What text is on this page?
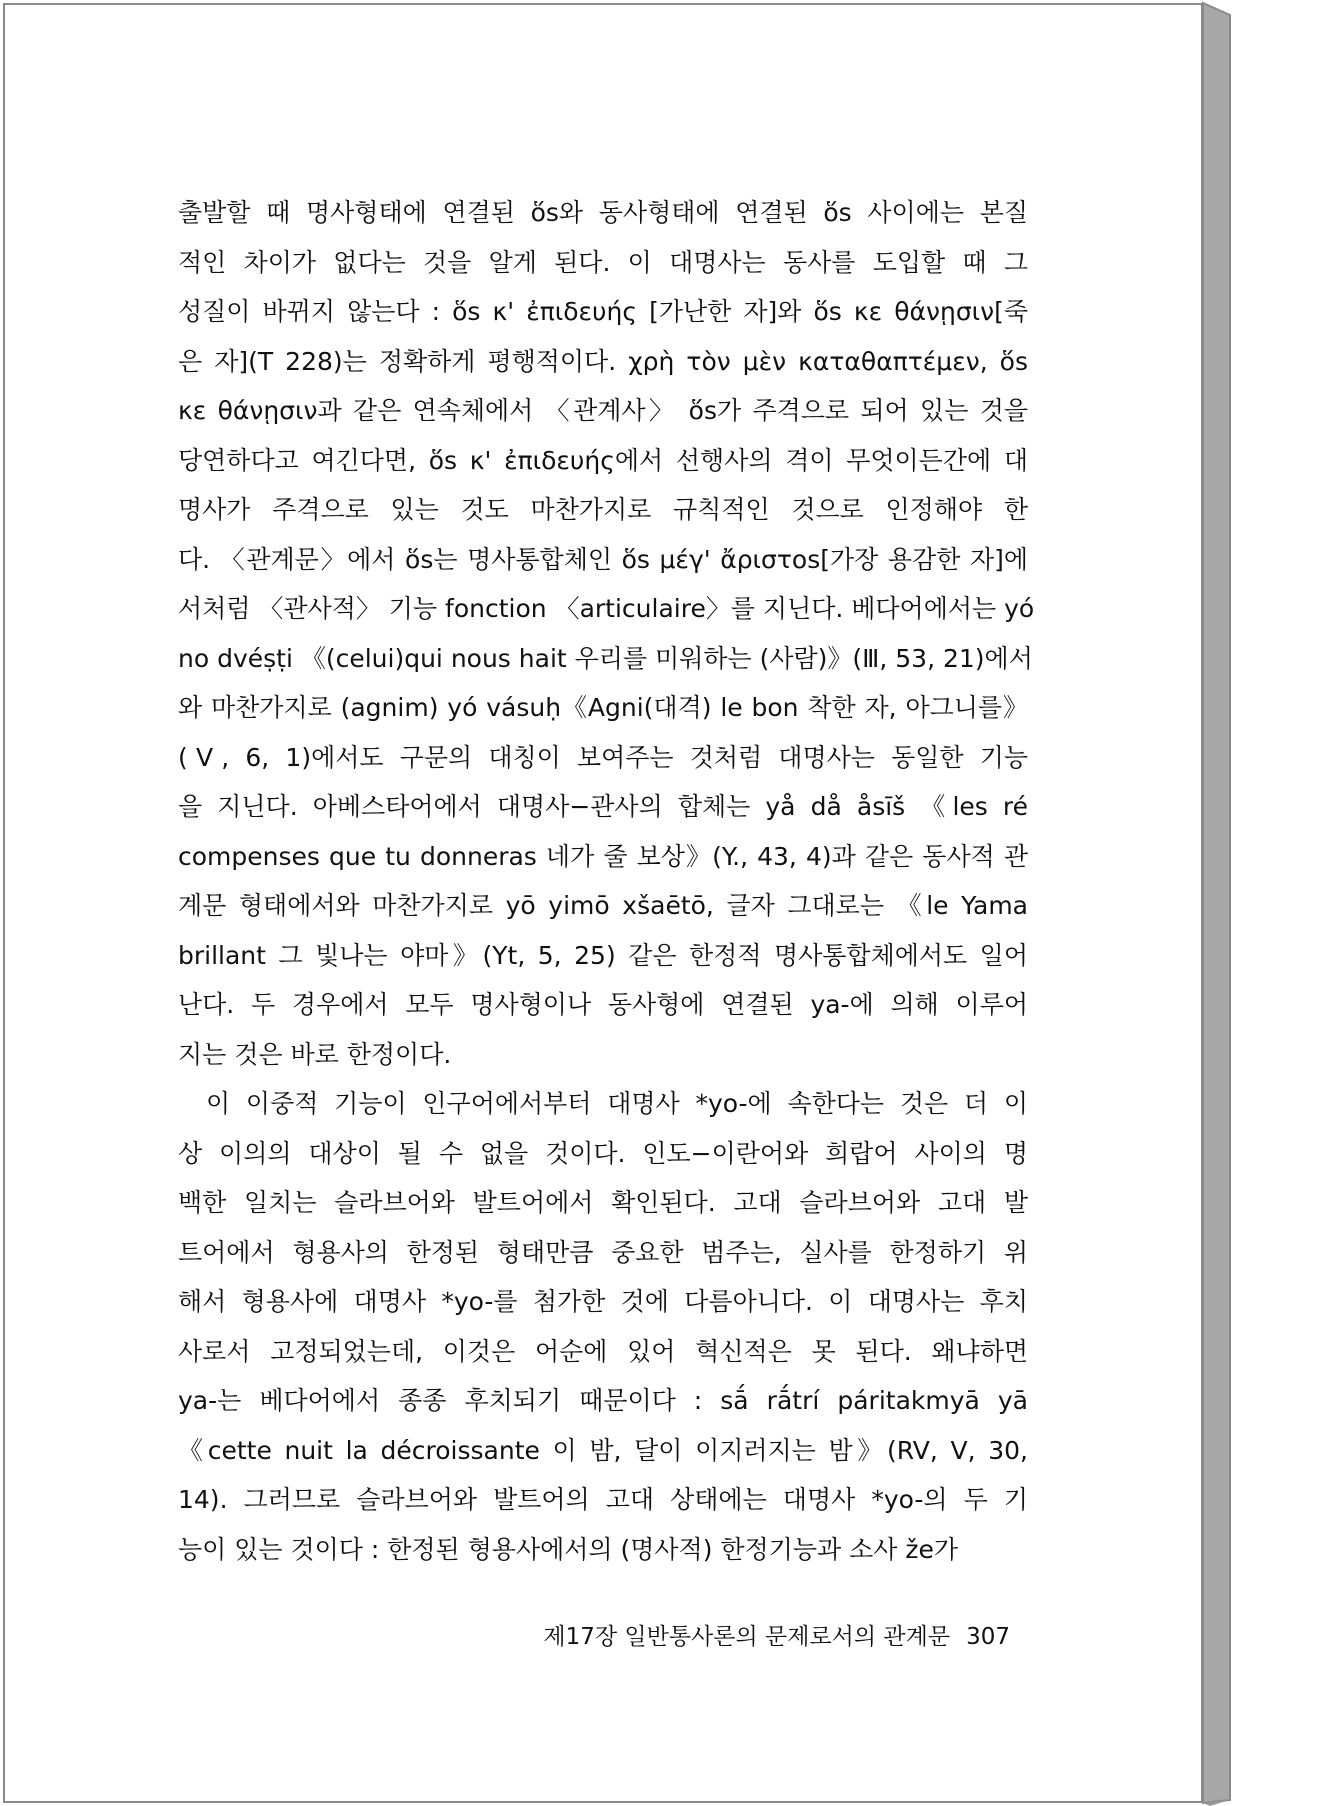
출발할 때 명사형태에 연결된 ὅs와 동사형태에 연결된 ὅs 사이에는 본질
적인 차이가 없다는 것을 알게 된다. 이 대명사는 동사를 도입할 때 그
성질이 바뀌지 않는다 : ὅs κ' ἐπιδευής [가난한 자]와 ὅs κε θάνῃσιν[죽
은 자](T 228)는 정확하게 평행적이다. χρὴ τὸν μὲν καταθαπτέμεν, ὅs
κε θάνῃσιν과 같은 연속체에서 〈관계사〉 ὅs가 주격으로 되어 있는 것을
당연하다고 여긴다면, ὅs κ' ἐπιδευής에서 선행사의 격이 무엇이든간에 대
명사가 주격으로 있는 것도 마찬가지로 규칙적인 것으로 인정해야 한
다. 〈관계문〉에서 ὅs는 명사통합체인 ὅs μέγ' ἄριστοs[가장 용감한 자]에
서처럼 〈관사적〉 기능 fonction 〈articulaire〉를 지닌다. 베다어에서는 yó
no dvéṣṭi 《(celui)qui nous hait 우리를 미워하는 (사람)》(Ⅲ, 53, 21)에서
와 마찬가지로 (agnim) yó vásuḥ《Agni(대격) le bon 착한 자, 아그니를》
(Ⅴ, 6, 1)에서도 구문의 대칭이 보여주는 것처럼 대명사는 동일한 기능
을 지닌다. 아베스타어에서 대명사−관사의 합체는 yå då åsīš 《les ré
compenses que tu donneras 네가 줄 보상》(Y., 43, 4)과 같은 동사적 관
계문 형태에서와 마찬가지로 yō yimō xšaētō, 글자 그대로는 《le Yama
brillant 그 빛나는 야마》(Yt, 5, 25) 같은 한정적 명사통합체에서도 일어
난다. 두 경우에서 모두 명사형이나 동사형에 연결된 ya-에 의해 이루어
지는 것은 바로 한정이다.

이 이중적 기능이 인구어에서부터 대명사 *yo-에 속한다는 것은 더 이
상 이의의 대상이 될 수 없을 것이다. 인도−이란어와 희랍어 사이의 명
백한 일치는 슬라브어와 발트어에서 확인된다. 고대 슬라브어와 고대 발
트어에서 형용사의 한정된 형태만큼 중요한 범주는, 실사를 한정하기 위
해서 형용사에 대명사 *yo-를 첨가한 것에 다름아니다. 이 대명사는 후치
사로서 고정되었는데, 이것은 어순에 있어 혁신적은 못 된다. 왜냐하면
ya-는 베다어에서 종종 후치되기 때문이다 : sā́ rā́trí páritakmyā yā
《cette nuit la décroissante 이 밤, 달이 이지러지는 밤》(RV, V, 30,
14). 그러므로 슬라브어와 발트어의 고대 상태에는 대명사 *yo-의 두 기
능이 있는 것이다 : 한정된 형용사에서의 (명사적) 한정기능과 소사 že가

제17장 일반통사론의 문제로서의 관계문 307
